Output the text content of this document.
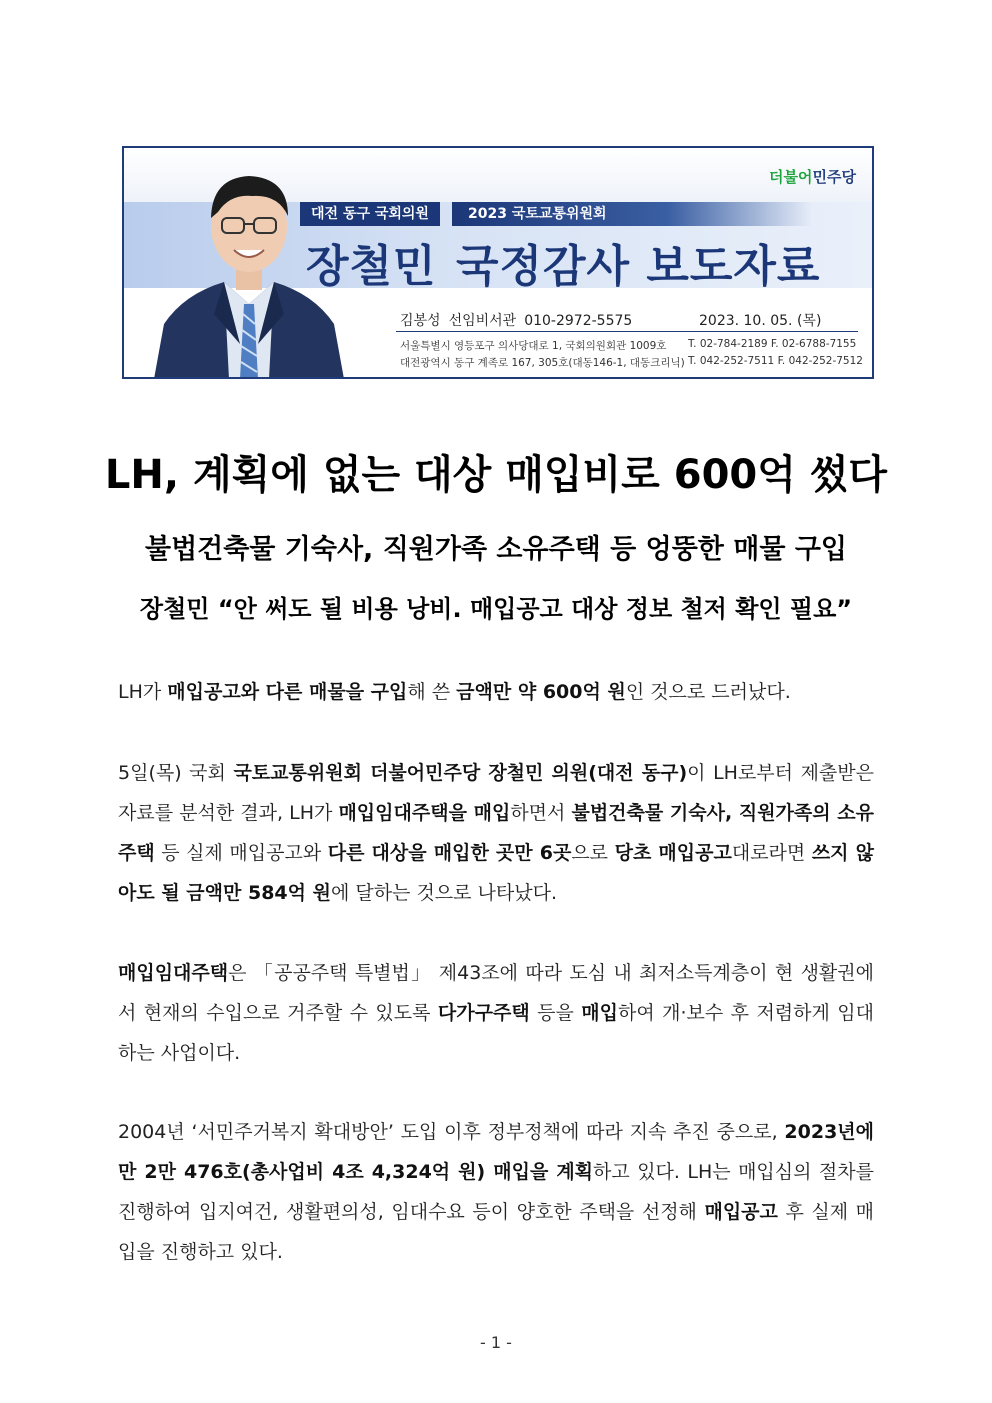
더불어민주당
대전 동구 국회의원	2023 국토교통위원회
장철민 국정감사 보도자료
김봉성 선임비서관 010-2972-5575	2023. 10. 05. (목)
서울특별시 영등포구 의사당대로 1, 국회의원회관 1009호
대전광역시 동구 계족로 167, 305호(대동146-1, 대동크리닉)
T. 02-784-2189 F. 02-6788-7155
T. 042-252-7511 F. 042-252-7512
LH, 계획에 없는 대상 매입비로 600억 썼다
불법건축물 기숙사, 직원가족 소유주택 등 엉뚱한 매물 구입
장철민 “안 써도 될 비용 낭비. 매입공고 대상 정보 철저 확인 필요”
LH가 매입공고와 다른 매물을 구입해 쓴 금액만 약 600억 원인 것으로 드러났다.
5일(목) 국회 국토교통위원회 더불어민주당 장철민 의원(대전 동구)이 LH로부터 제출받은 자료를 분석한 결과, LH가 매입임대주택을 매입하면서 불법건축물 기숙사, 직원가족의 소유주택 등 실제 매입공고와 다른 대상을 매입한 곳만 6곳으로 당초 매입공고대로라면 쓰지 않아도 될 금액만 584억 원에 달하는 것으로 나타났다.
매입임대주택은 「공공주택 특별법」 제43조에 따라 도심 내 최저소득계층이 현 생활권에서 현재의 수입으로 거주할 수 있도록 다가구주택 등을 매입하여 개·보수 후 저렴하게 임대하는 사업이다.
2004년 ‘서민주거복지 확대방안’ 도입 이후 정부정책에 따라 지속 추진 중으로, 2023년에만 2만 476호(총사업비 4조 4,324억 원) 매입을 계획하고 있다. LH는 매입심의 절차를 진행하여 입지여건, 생활편의성, 임대수요 등이 양호한 주택을 선정해 매입공고 후 실제 매입을 진행하고 있다.
- 1 -
